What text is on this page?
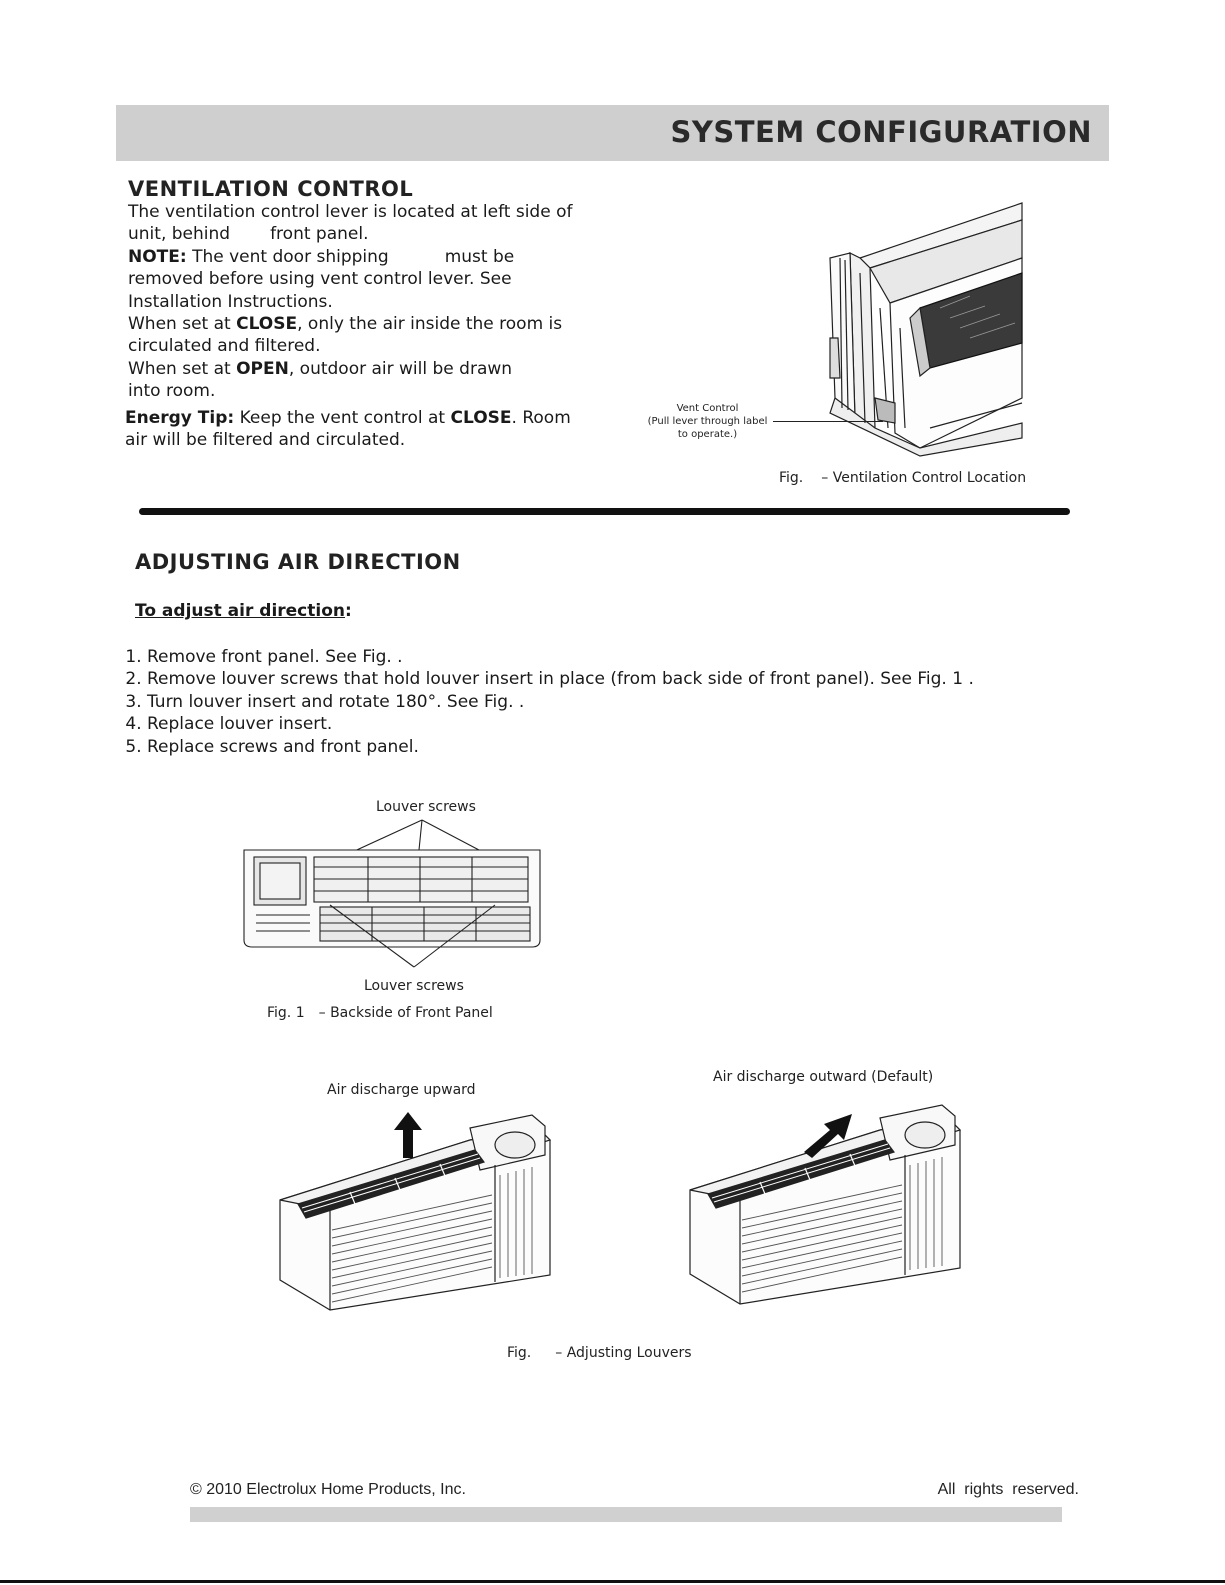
SYSTEM CONFIGURATION
VENTILATION CONTROL

The ventilation control lever is located at left side of

unit, behind front panel.

NOTE: The vent door shipping	must be

removed before using vent control lever. See

Installation Instructions.

When set at CLOSE, only the air inside the room is

circulated and filtered.

When set at OPEN, outdoor air will be drawn

into room.

Energy Tip: Keep the vent control at CLOSE. Room

air will be filtered and circulated.

Vent Control
(Pull lever through label
to operate.)
Fig. – Ventilation Control Location
ADJUSTING AIR DIRECTION
To adjust air direction:
1. Remove front panel. See Fig. .
2. Remove louver screws that hold louver insert in place (from back side of front panel). See Fig. 1 .
3. Turn louver insert and rotate 180°. See Fig. .
4. Replace louver insert.
5. Replace screws and front panel.
Louver screws
Louver screws
Fig. 1 – Backside of Front Panel
Air discharge upward
Air discharge outward (Default)
Fig. – Adjusting Louvers
© 2010 Electrolux Home Products, Inc.	All  rights  reserved.
